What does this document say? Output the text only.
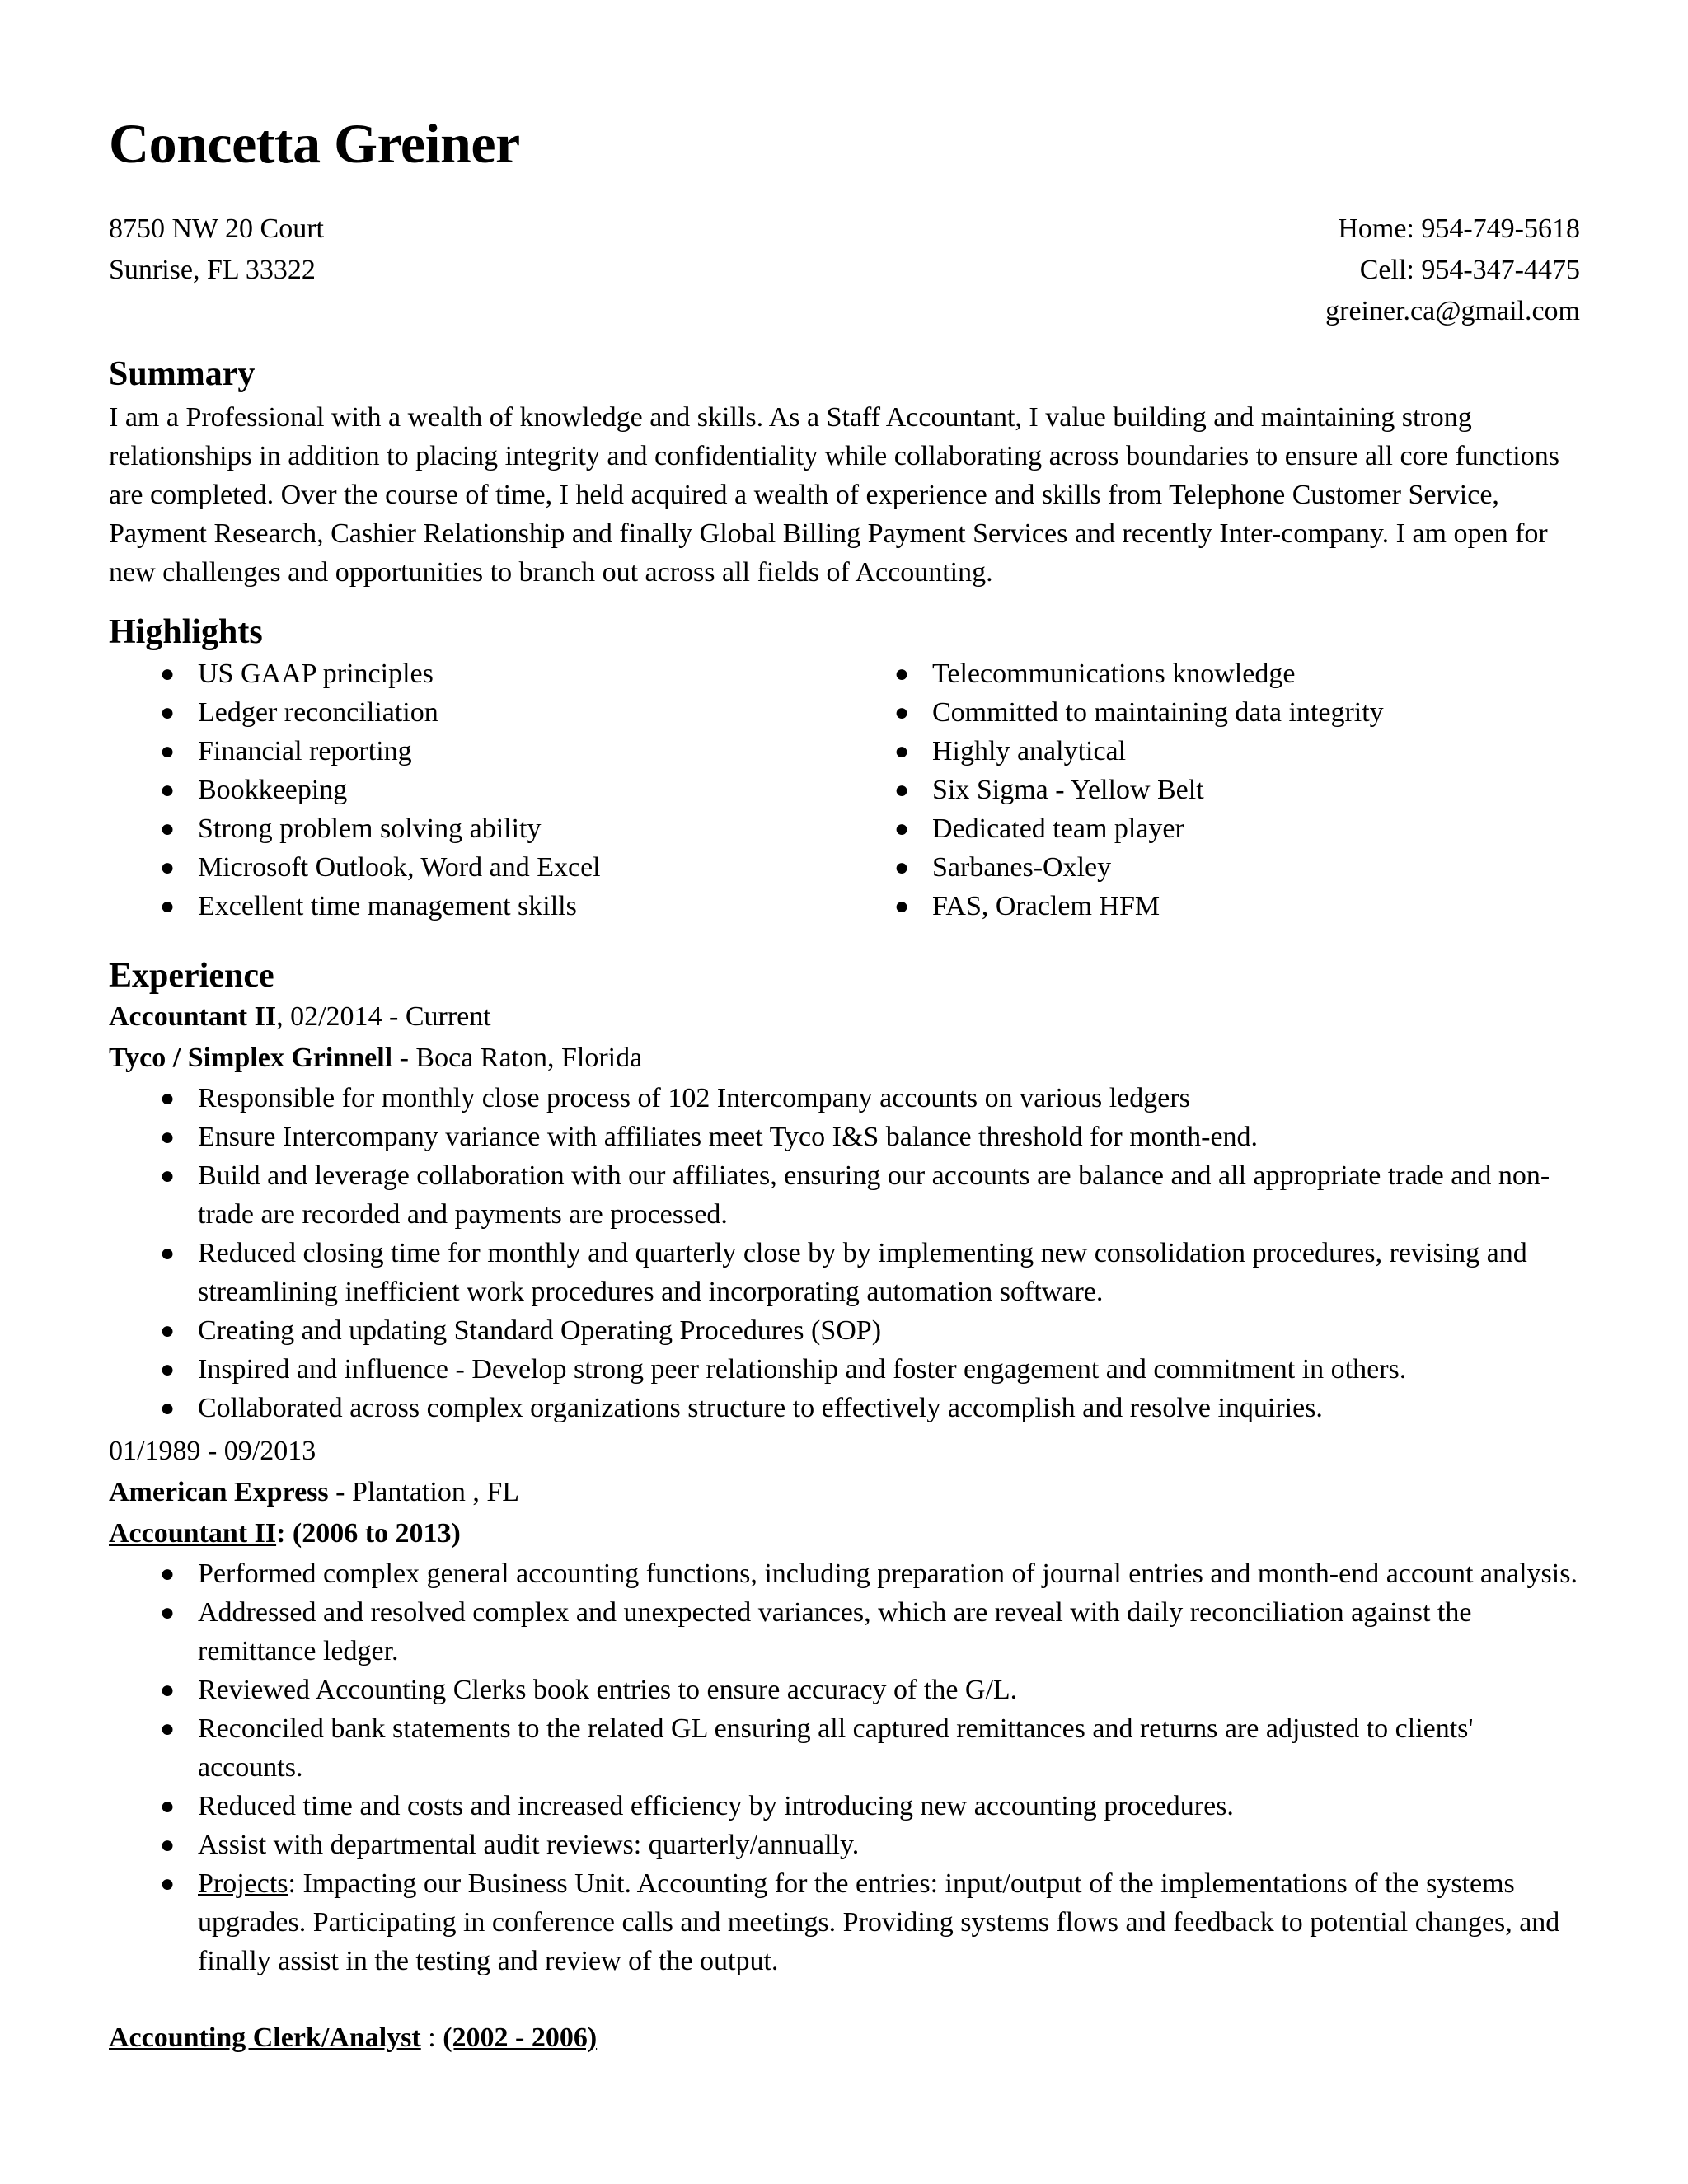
Concetta Greiner
8750 NW 20 Court
Sunrise, FL 33322
Home: 954-749-5618
Cell: 954-347-4475
greiner.ca@gmail.com
Summary
I am a Professional with a wealth of knowledge and skills. As a Staff Accountant, I value building and maintaining strong relationships in addition to placing integrity and confidentiality while collaborating across boundaries to ensure all core functions are completed. Over the course of time, I held acquired a wealth of experience and skills from Telephone Customer Service, Payment Research, Cashier Relationship and finally Global Billing Payment Services and recently Inter-company. I am open for new challenges and opportunities to branch out across all fields of Accounting.
Highlights
● US GAAP principles
● Ledger reconciliation
● Financial reporting
● Bookkeeping
● Strong problem solving ability
● Microsoft Outlook, Word and Excel
● Excellent time management skills
● Telecommunications knowledge
● Committed to maintaining data integrity
● Highly analytical
● Six Sigma - Yellow Belt
● Dedicated team player
● Sarbanes-Oxley
● FAS, Oraclem HFM
Experience
Accountant II, 02/2014 - Current
Tyco / Simplex Grinnell - Boca Raton, Florida
● Responsible for monthly close process of 102 Intercompany accounts on various ledgers
● Ensure Intercompany variance with affiliates meet Tyco I&S balance threshold for month-end.
● Build and leverage collaboration with our affiliates, ensuring our accounts are balance and all appropriate trade and non-trade are recorded and payments are processed.
● Reduced closing time for monthly and quarterly close by by implementing new consolidation procedures, revising and streamlining inefficient work procedures and incorporating automation software.
● Creating and updating Standard Operating Procedures (SOP)
● Inspired and influence - Develop strong peer relationship and foster engagement and commitment in others.
● Collaborated across complex organizations structure to effectively accomplish and resolve inquiries.
01/1989 - 09/2013
American Express - Plantation , FL
Accountant II: (2006 to 2013)
● Performed complex general accounting functions, including preparation of journal entries and month-end account analysis.
● Addressed and resolved complex and unexpected variances, which are reveal with daily reconciliation against the remittance ledger.
● Reviewed Accounting Clerks book entries to ensure accuracy of the G/L.
● Reconciled bank statements to the related GL ensuring all captured remittances and returns are adjusted to clients' accounts.
● Reduced time and costs and increased efficiency by introducing new accounting procedures.
● Assist with departmental audit reviews: quarterly/annually.
● Projects: Impacting our Business Unit. Accounting for the entries: input/output of the implementations of the systems upgrades. Participating in conference calls and meetings. Providing systems flows and feedback to potential changes, and finally assist in the testing and review of the output.
Accounting Clerk/Analyst : (2002 - 2006)
